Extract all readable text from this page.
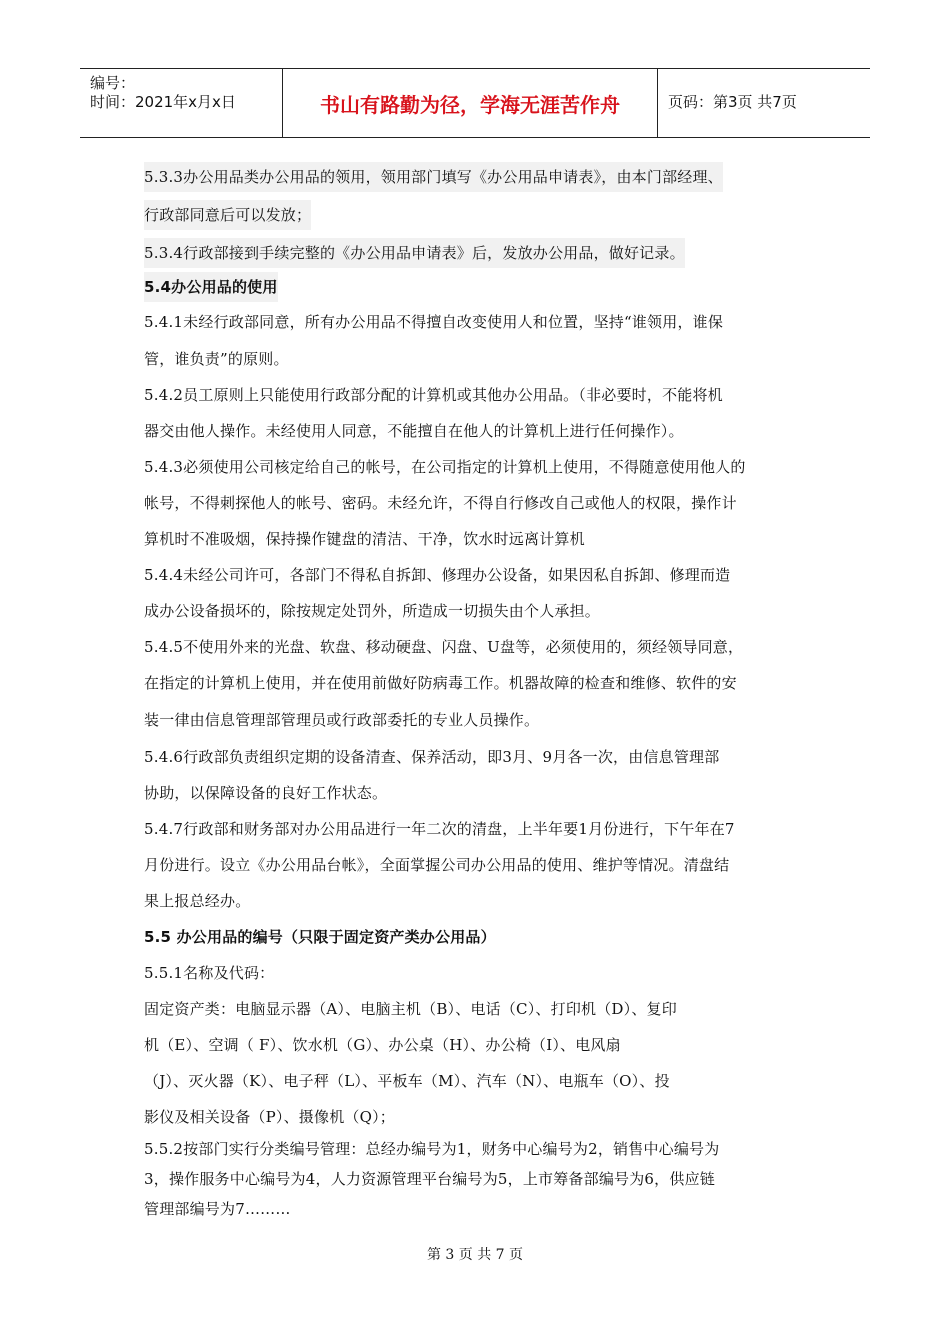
编号：
时间：2021年x月x日	书山有路勤为径，学海无涯苦作舟	页码：第3页 共7页
5.3.3办公用品类办公用品的领用，领用部门填写《办公用品申请表》，由本门部经理、
行政部同意后可以发放；
5.3.4行政部接到手续完整的《办公用品申请表》后，发放办公用品，做好记录。
5.4办公用品的使用
5.4.1未经行政部同意，所有办公用品不得擅自改变使用人和位置，坚持“谁领用，谁保
管，谁负责”的原则。
5.4.2员工原则上只能使用行政部分配的计算机或其他办公用品。（非必要时，不能将机
器交由他人操作。未经使用人同意，不能擅自在他人的计算机上进行任何操作）。
5.4.3必须使用公司核定给自己的帐号，在公司指定的计算机上使用，不得随意使用他人的
帐号，不得刺探他人的帐号、密码。未经允许，不得自行修改自己或他人的权限，操作计
算机时不准吸烟，保持操作键盘的清洁、干净，饮水时远离计算机
5.4.4未经公司许可，各部门不得私自拆卸、修理办公设备，如果因私自拆卸、修理而造
成办公设备损坏的，除按规定处罚外，所造成一切损失由个人承担。
5.4.5不使用外来的光盘、软盘、移动硬盘、闪盘、U盘等，必须使用的，须经领导同意，
在指定的计算机上使用，并在使用前做好防病毒工作。机器故障的检查和维修、软件的安
装一律由信息管理部管理员或行政部委托的专业人员操作。
5.4.6行政部负责组织定期的设备清查、保养活动，即3月、9月各一次，由信息管理部
协助，以保障设备的良好工作状态。
5.4.7行政部和财务部对办公用品进行一年二次的清盘，上半年要1月份进行，下午年在7
月份进行。设立《办公用品台帐》，全面掌握公司办公用品的使用、维护等情况。清盘结
果上报总经办。
5.5 办公用品的编号（只限于固定资产类办公用品）
5.5.1名称及代码：
固定资产类：电脑显示器（A）、电脑主机（B）、电话（C）、打印机（D）、复印
机（E）、空调（ F）、饮水机（G）、办公桌（H）、办公椅（I）、电风扇
（J）、灭火器（K）、电子秤（L）、平板车（M）、汽车（N）、电瓶车（O）、投
影仪及相关设备（P）、摄像机（Q）；
5.5.2按部门实行分类编号管理：总经办编号为1，财务中心编号为2，销售中心编号为
3，操作服务中心编号为4，人力资源管理平台编号为5，上市筹备部编号为6，供应链
管理部编号为7………
第 3 页 共 7 页
